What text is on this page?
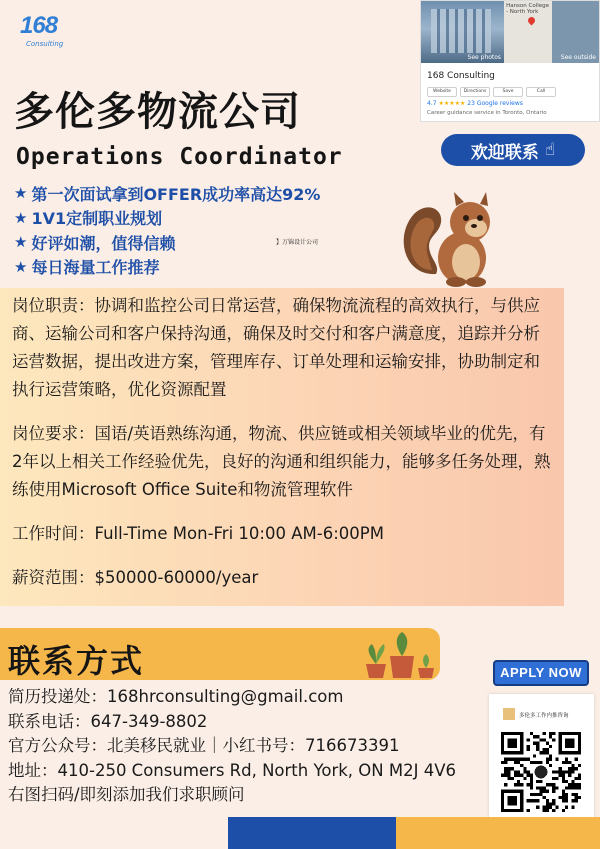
168
Consulting
多伦多物流公司
Operations Coordinator
See photos
Hanson College - North York
See outside
168 Consulting
Website	Directions	Save	Call
4.7 ★★★★★ 23 Google reviews
Career guidance service in Toronto, Ontario
欢迎联系 ☝
★ 第一次面试拿到OFFER成功率高达92%
★ 1V1定制职业规划
★ 好评如潮，值得信赖
★ 每日海量工作推荐
】万锦设计公司

岗位职责：协调和监控公司日常运营，确保物流流程的高效执行，与供应商、运输公司和客户保持沟通，确保及时交付和客户满意度，追踪并分析运营数据，提出改进方案，管理库存、订单处理和运输安排，协助制定和执行运营策略，优化资源配置

岗位要求：国语/英语熟练沟通，物流、供应链或相关领域毕业的优先，有2年以上相关工作经验优先，良好的沟通和组织能力，能够多任务处理，熟练使用Microsoft Office Suite和物流管理软件

工作时间：Full-Time Mon-Fri 10:00 AM-6:00PM

薪资范围：$50000-60000/year

联系方式	APPLY NOW

简历投递处：168hrconsulting@gmail.com

联系电话：647-349-8802

官方公众号：北美移民就业｜小红书号：716673391

地址：410-250 Consumers Rd, North York, ON M2J 4V6

右图扫码/即刻添加我们求职顾问

多伦多工作内推咨询
